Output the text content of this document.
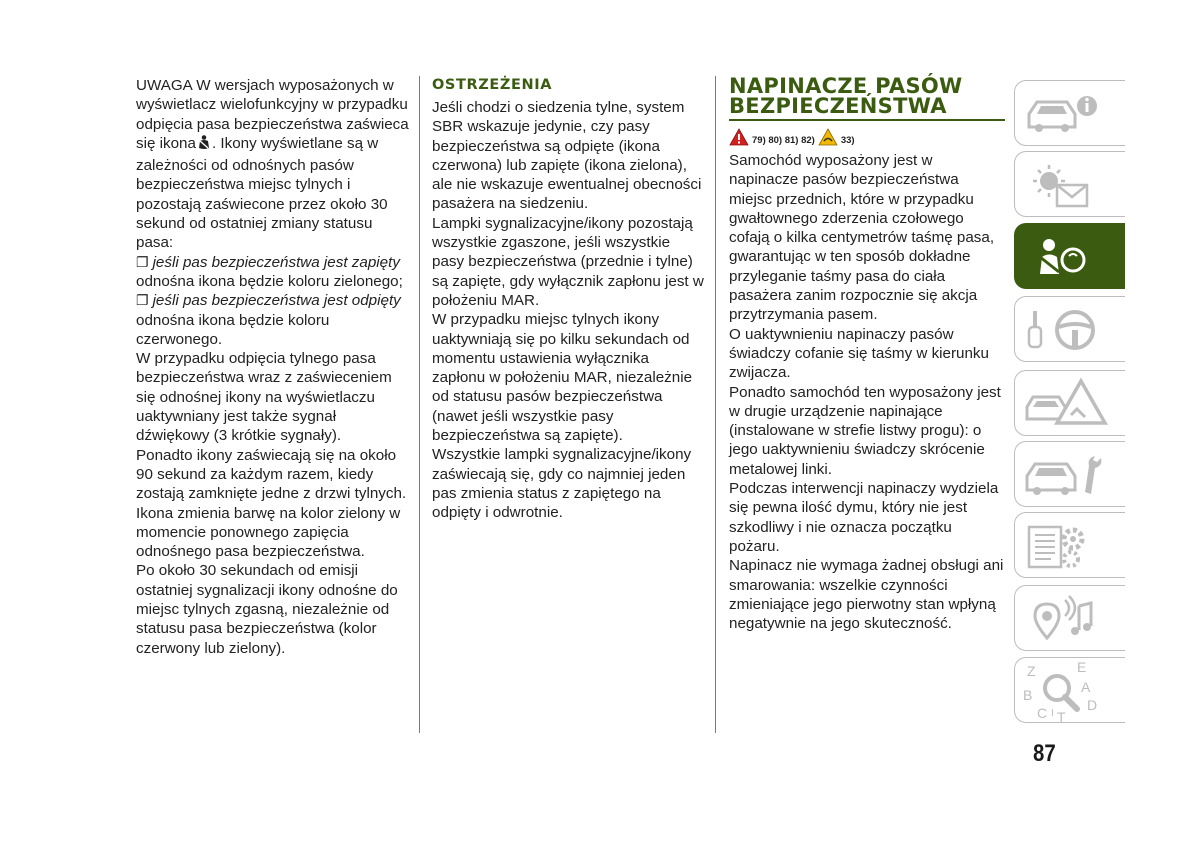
UWAGA W wersjach wyposażonych w wyświetlacz wielofunkcyjny w przypadku odpięcia pasa bezpieczeństwa zaświeca się ikona . Ikony wyświetlane są w zależności od odnośnych pasów bezpieczeństwa miejsc tylnych i pozostają zaświecone przez około 30 sekund od ostatniej zmiany statusu pasa:

❐ jeśli pas bezpieczeństwa jest zapięty

odnośna ikona będzie koloru zielonego;

❐ jeśli pas bezpieczeństwa jest odpięty

odnośna ikona będzie koloru czerwonego.

W przypadku odpięcia tylnego pasa bezpieczeństwa wraz z zaświeceniem się odnośnej ikony na wyświetlaczu uaktywniany jest także sygnał dźwiękowy (3 krótkie sygnały).

Ponadto ikony zaświecają się na około 90 sekund za każdym razem, kiedy zostają zamknięte jedne z drzwi tylnych.

Ikona zmienia barwę na kolor zielony w momencie ponownego zapięcia odnośnego pasa bezpieczeństwa.

Po około 30 sekundach od emisji ostatniej sygnalizacji ikony odnośne do miejsc tylnych zgasną, niezależnie od statusu pasa bezpieczeństwa (kolor czerwony lub zielony).

OSTRZEŻENIA

Jeśli chodzi o siedzenia tylne, system SBR wskazuje jedynie, czy pasy bezpieczeństwa są odpięte (ikona czerwona) lub zapięte (ikona zielona), ale nie wskazuje ewentualnej obecności pasażera na siedzeniu.

Lampki sygnalizacyjne/ikony pozostają wszystkie zgaszone, jeśli wszystkie pasy bezpieczeństwa (przednie i tylne) są zapięte, gdy wyłącznik zapłonu jest w położeniu MAR.

W przypadku miejsc tylnych ikony uaktywniają się po kilku sekundach od momentu ustawienia wyłącznika zapłonu w położeniu MAR, niezależnie od statusu pasów bezpieczeństwa (nawet jeśli wszystkie pasy bezpieczeństwa są zapięte).

Wszystkie lampki sygnalizacyjne/ikony zaświecają się, gdy co najmniej jeden pas zmienia status z zapiętego na odpięty i odwrotnie.

NAPINACZE PASÓW BEZPIECZEŃSTWA
79) 80) 81) 82)	33)

Samochód wyposażony jest w napinacze pasów bezpieczeństwa miejsc przednich, które w przypadku gwałtownego zderzenia czołowego cofają o kilka centymetrów taśmę pasa, gwarantując w ten sposób dokładne przyleganie taśmy pasa do ciała pasażera zanim rozpocznie się akcja przytrzymania pasem.

O uaktywnieniu napinaczy pasów świadczy cofanie się taśmy w kierunku zwijacza.

Ponadto samochód ten wyposażony jest w drugie urządzenie napinające (instalowane w strefie listwy progu): o jego uaktywnieniu świadczy skrócenie metalowej linki.

Podczas interwencji napinaczy wydziela się pewna ilość dymu, który nie jest szkodliwy i nie oznacza początku pożaru.

Napinacz nie wymaga żadnej obsługi ani smarowania: wszelkie czynności zmieniające jego pierwotny stan wpłyną negatywnie na jego skuteczność.

Z	E
B	A
C T
D
I
87
